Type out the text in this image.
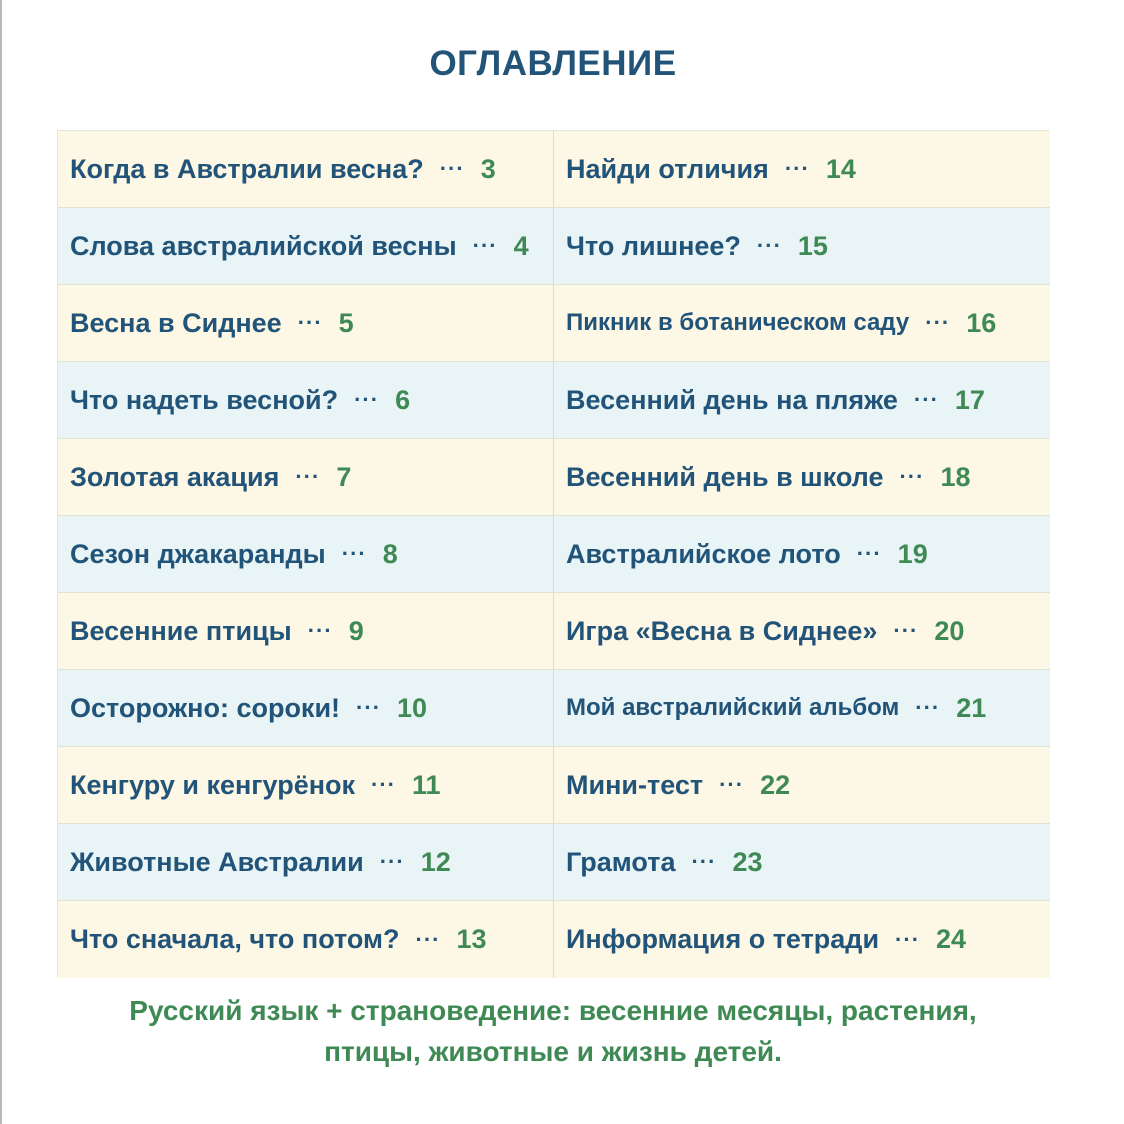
ОГЛАВЛЕНИЕ
Когда в Австралии весна? ··· 3	Найди отличия ··· 14
Слова австралийской весны ··· 4 Что лишнее? ··· 15
Весна в Сиднее ··· 5	Пикник в ботаническом саду ··· 16
Что надеть весной? ··· 6	Весенний день на пляже ··· 17
Золотая акация ··· 7	Весенний день в школе ··· 18
Сезон джакаранды ··· 8	Австралийское лото ··· 19
Весенние птицы ··· 9	Игра «Весна в Сиднее» ··· 20
Осторожно: сороки! ··· 10	Мой австралийский альбом ··· 21
Кенгуру и кенгурёнок ··· 11	Мини-тест ··· 22
Животные Австралии ··· 12	Грамота ··· 23
Что сначала, что потом? ··· 13	Информация о тетради ··· 24
Русский язык + страноведение: весенние месяцы, растения,
птицы, животные и жизнь детей.
